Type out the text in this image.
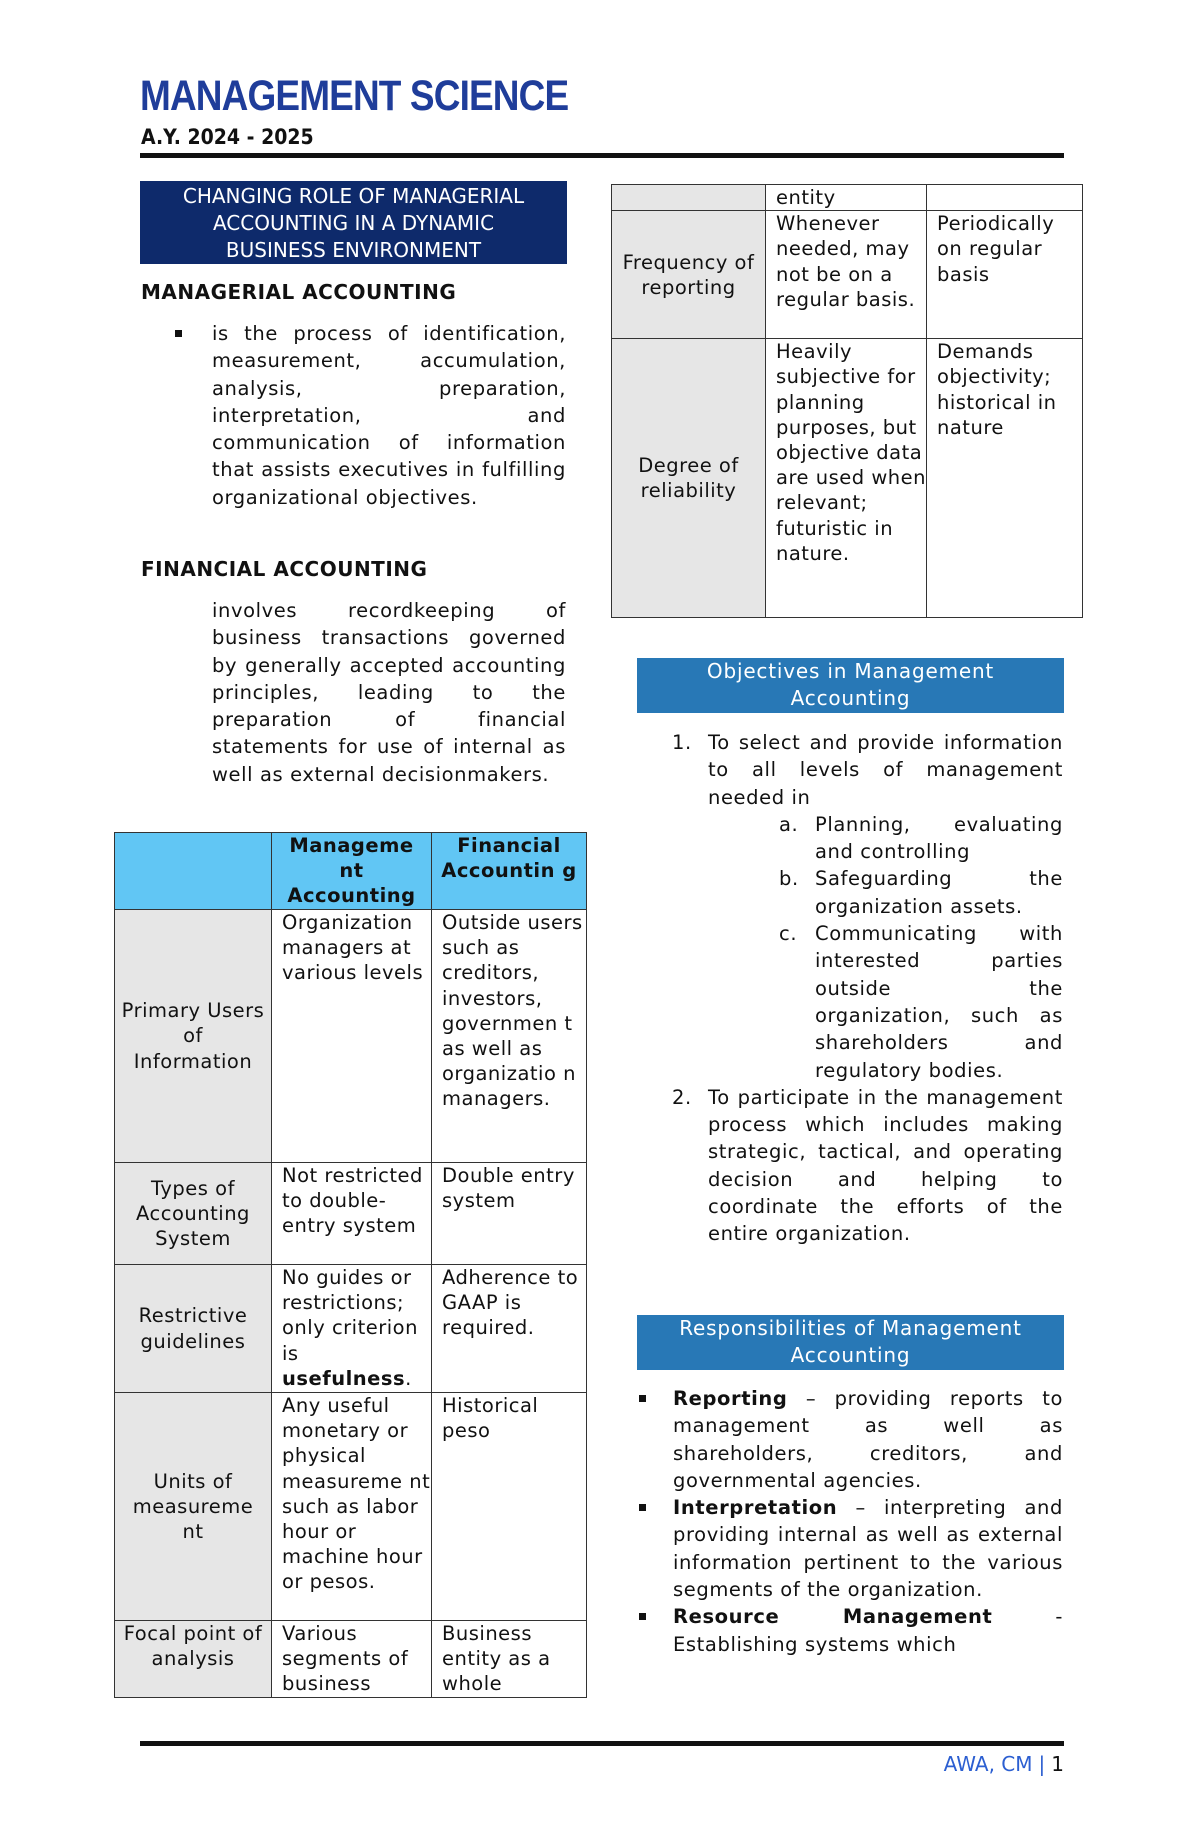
MANAGEMENT SCIENCE
A.Y. 2024 - 2025
CHANGING ROLE OF MANAGERIAL
ACCOUNTING IN A DYNAMIC
BUSINESS ENVIRONMENT
MANAGERIAL ACCOUNTING
is the process of identification, measurement, accumulation, analysis, preparation, interpretation, and communication of information that assists executives in fulfilling organizational objectives.
FINANCIAL ACCOUNTING
involves recordkeeping of business transactions governed by generally accepted accounting principles, leading to the preparation of financial statements for use of internal as well as external decisionmakers.
	Manageme nt Accounting	Financial Accountin g
Primary Users of Information	Organization managers at various levels	Outside users such as creditors, investors, governmen t as well as organizatio n managers.
Types of Accounting System	Not restricted to double-entry system	Double entry system
Restrictive guidelines	No guides or restrictions; only criterion is usefulness.	Adherence to GAAP is required.
Units of measureme nt	Any useful monetary or physical measureme nt such as labor hour or machine hour or pesos.	Historical peso
Focal point of analysis	Various segments of business	Business entity as a whole
	entity	
Frequency of reporting	Whenever needed, may not be on a regular basis.	Periodically on regular basis
Degree of reliability	Heavily subjective for planning purposes, but objective data are used when relevant; futuristic in nature.	Demands objectivity; historical in nature
Objectives in Management
Accounting
1. To select and provide information to all levels of management needed in
a. Planning, evaluating and controlling
b. Safeguarding the organization assets.
c. Communicating with interested parties outside the organization, such as shareholders and regulatory bodies.
2. To participate in the management process which includes making strategic, tactical, and operating decision and helping to coordinate the efforts of the entire organization.
Responsibilities of Management
Accounting
Reporting – providing reports to management as well as shareholders, creditors, and governmental agencies.
Interpretation – interpreting and providing internal as well as external information pertinent to the various segments of the organization.
Resource Management - Establishing systems which
AWA, CM | 1
